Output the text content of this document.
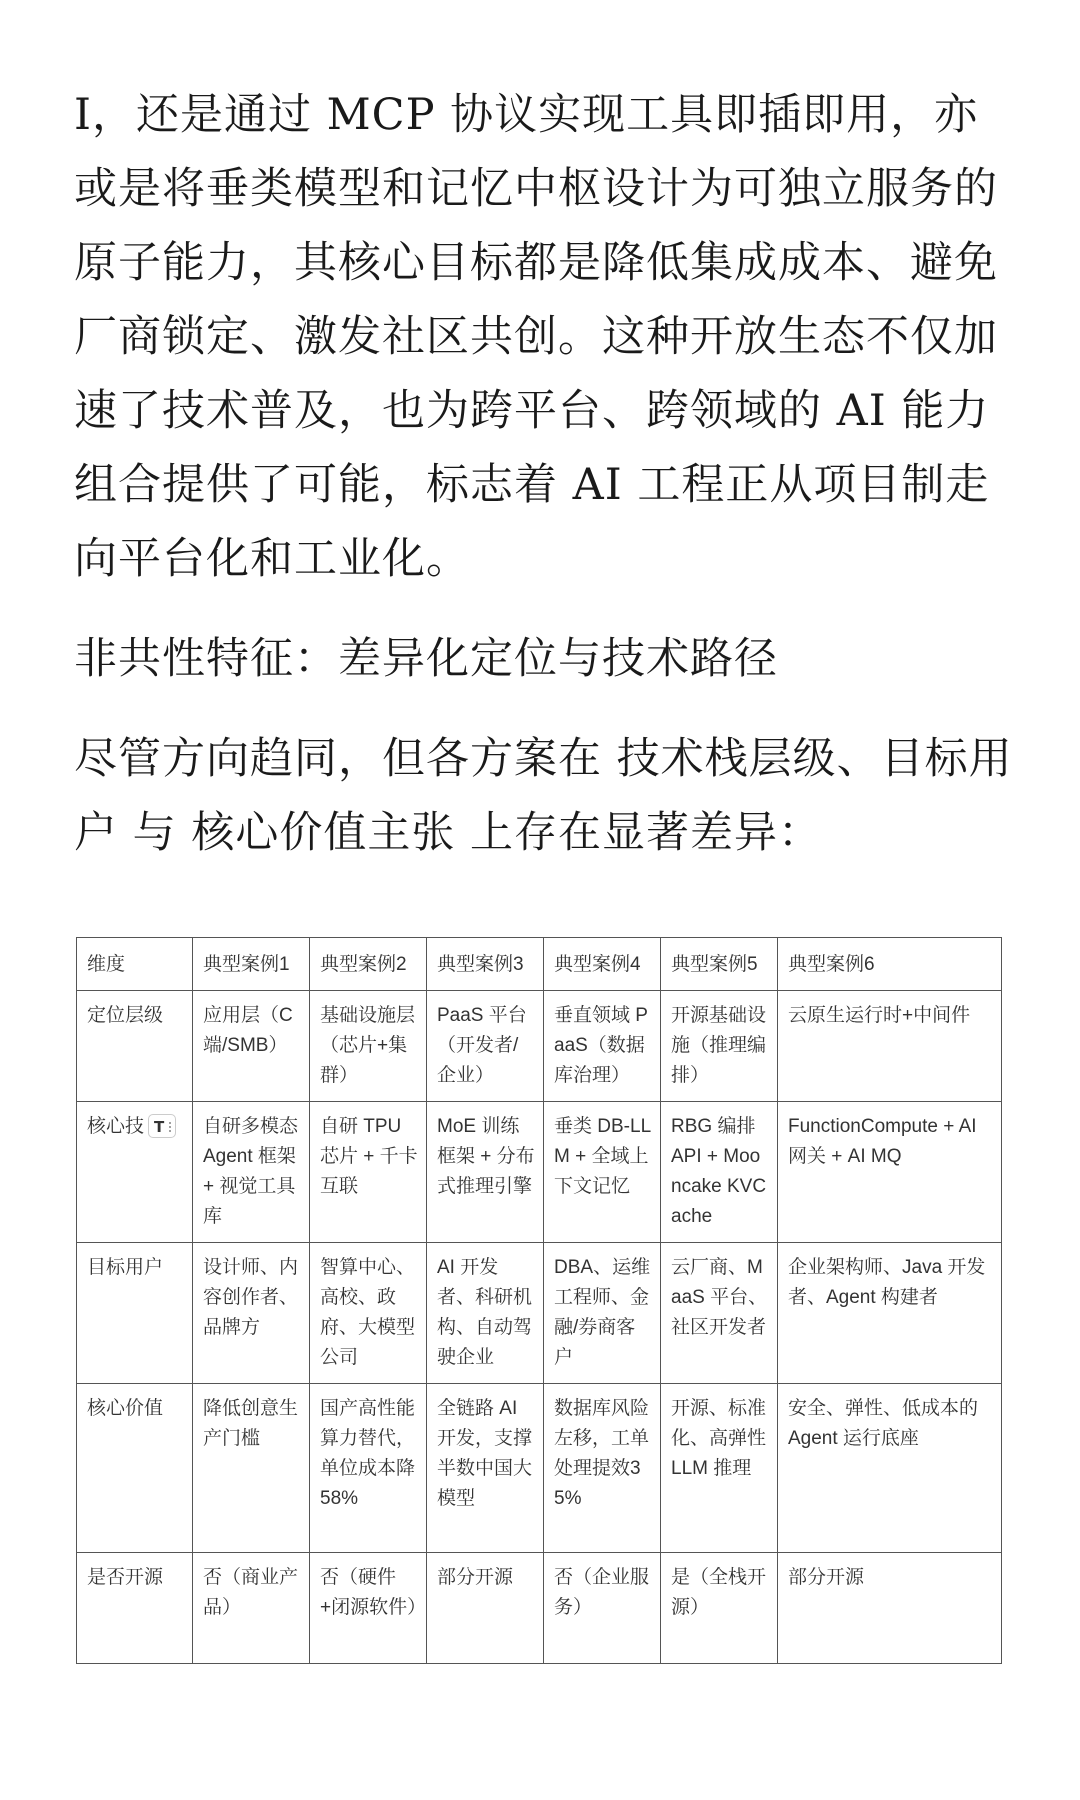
I，还是通过 MCP 协议实现工具即插即用，亦或是将垂类模型和记忆中枢设计为可独立服务的原子能力，其核心目标都是降低集成成本、避免厂商锁定、激发社区共创。这种开放生态不仅加速了技术普及，也为跨平台、跨领域的 AI 能力组合提供了可能，标志着 AI 工程正从项目制走向平台化和工业化。

非共性特征：差异化定位与技术路径

尽管方向趋同，但各方案在 技术栈层级、目标用户 与 核心价值主张 上存在显著差异：

维度	典型案例1	典型案例2	典型案例3	典型案例4	典型案例5	典型案例6
定位层级	应用层（C端/SMB）	基础设施层（芯片+集群）	PaaS 平台（开发者/企业）	垂直领域 PaaS（数据库治理）	开源基础设施（推理编排）	云原生运行时+中间件
核心技 T	自研多模态 Agent 框架 + 视觉工具库	自研 TPU 芯片 + 千卡互联	MoE 训练框架 + 分布式推理引擎	垂类 DB-LLM + 全域上下文记忆	RBG 编排 API + Mooncake KVCache	FunctionCompute + AI 网关 + AI MQ
目标用户	设计师、内容创作者、品牌方	智算中心、高校、政府、大模型公司	AI 开发者、科研机构、自动驾驶企业	DBA、运维工程师、金融/券商客户	云厂商、MaaS 平台、社区开发者	企业架构师、Java 开发者、Agent 构建者
核心价值	降低创意生产门槛	国产高性能算力替代，单位成本降58%	全链路 AI 开发，支撑半数中国大模型	数据库风险左移，工单处理提效35%	开源、标准化、高弹性 LLM 推理	安全、弹性、低成本的 Agent 运行底座
是否开源	否（商业产品）	否（硬件+闭源软件）	部分开源	否（企业服务）	是（全栈开源）	部分开源
